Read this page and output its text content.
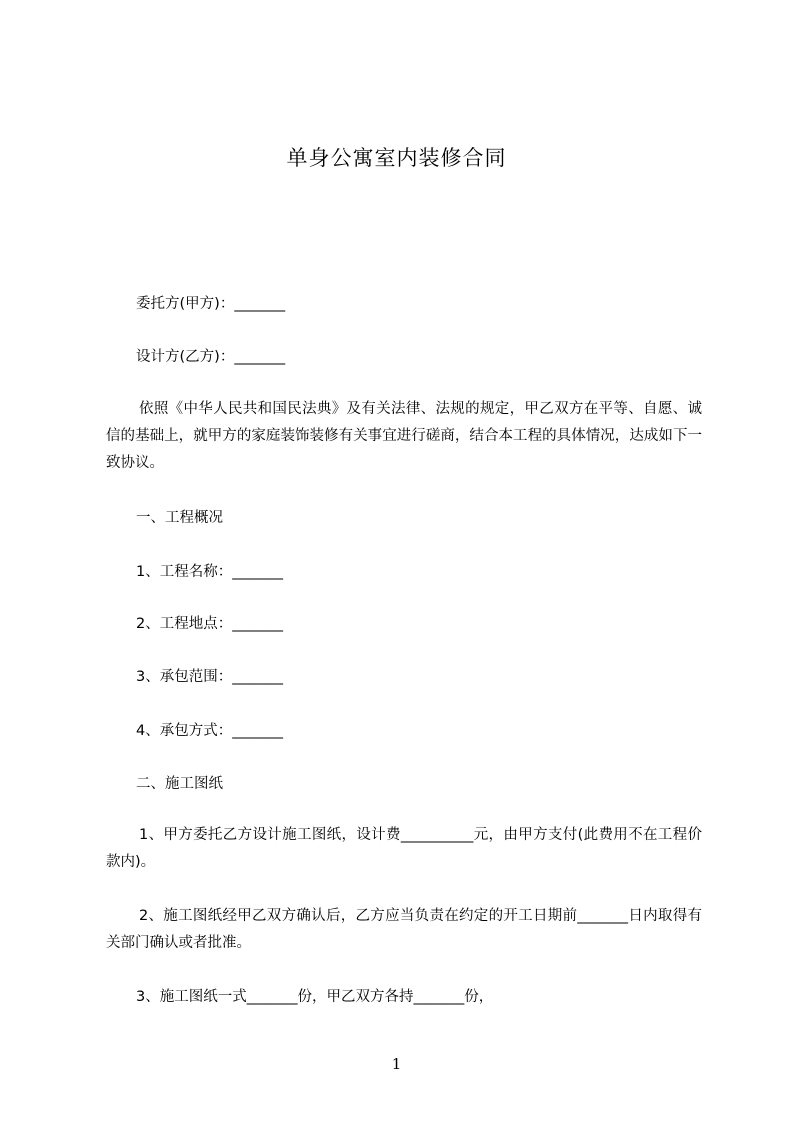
单身公寓室内装修合同
委托方(甲方)：_______
设计方(乙方)：_______
依照《中华人民共和国民法典》及有关法律、法规的规定，甲乙双方在平等、自愿、诚信的基础上，就甲方的家庭装饰装修有关事宜进行磋商，结合本工程的具体情况，达成如下一致协议。
一、工程概况
1、工程名称：_______
2、工程地点：_______
3、承包范围：_______
4、承包方式：_______
二、施工图纸
1、甲方委托乙方设计施工图纸，设计费__________元，由甲方支付(此费用不在工程价款内)。
2、施工图纸经甲乙双方确认后，乙方应当负责在约定的开工日期前_______日内取得有关部门确认或者批准。
3、施工图纸一式_______份，甲乙双方各持_______份，
1
